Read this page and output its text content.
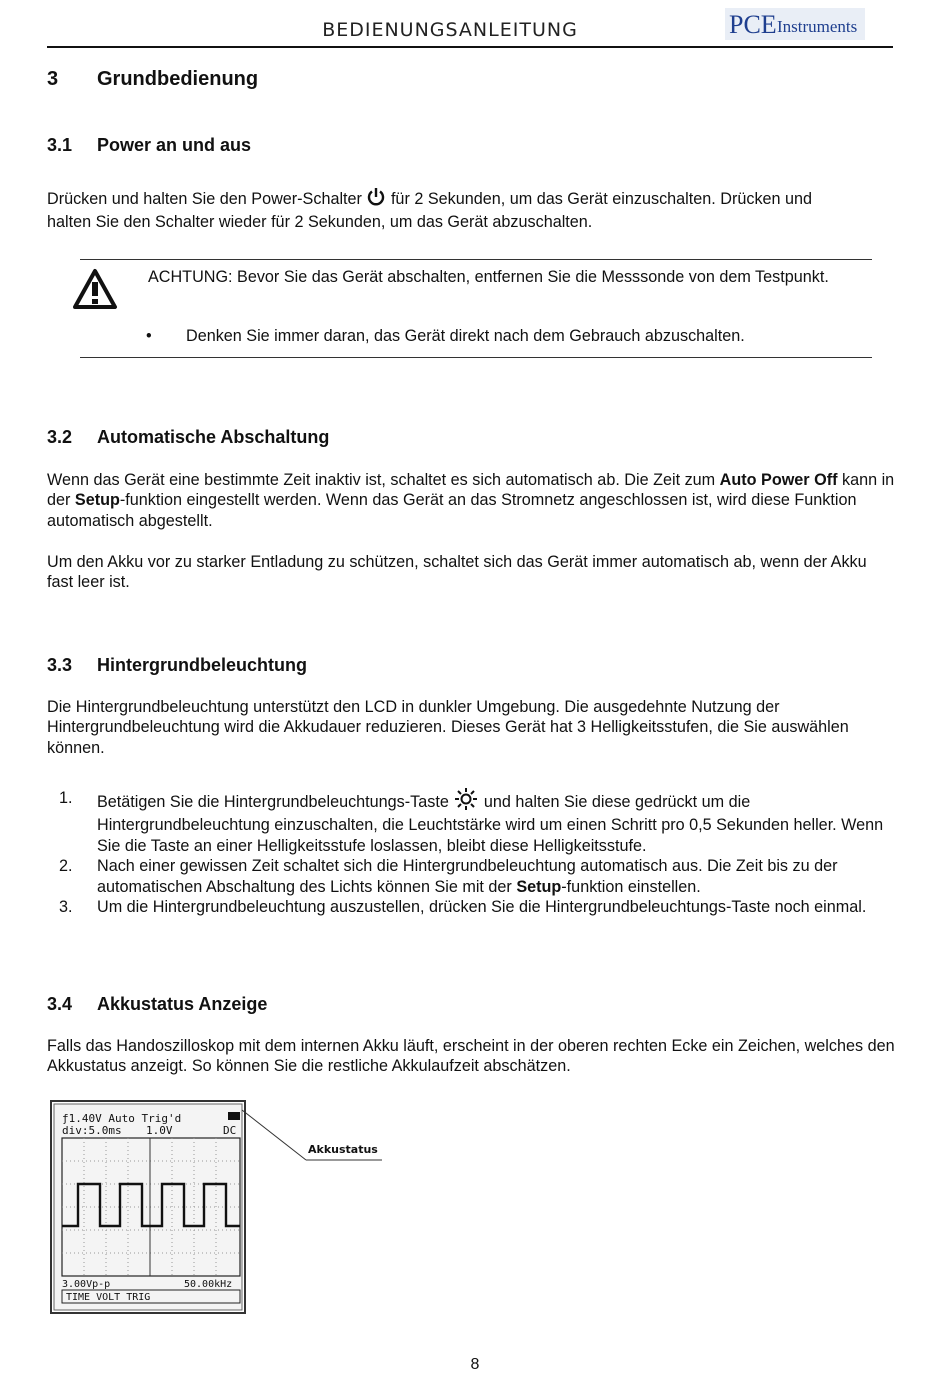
BEDIENUNGSANLEITUNG	PCE Instruments
3 Grundbedienung
3.1 Power an und aus
Drücken und halten Sie den Power-Schalter für 2 Sekunden, um das Gerät einzuschalten. Drücken und
halten Sie den Schalter wieder für 2 Sekunden, um das Gerät abzuschalten.
ACHTUNG: Bevor Sie das Gerät abschalten, entfernen Sie die Messsonde von dem Testpunkt.
• Denken Sie immer daran, das Gerät direkt nach dem Gebrauch abzuschalten.
3.2 Automatische Abschaltung
Wenn das Gerät eine bestimmte Zeit inaktiv ist, schaltet es sich automatisch ab. Die Zeit zum Auto Power Off kann in der Setup-funktion eingestellt werden. Wenn das Gerät an das Stromnetz angeschlossen ist, wird diese Funktion automatisch abgestellt.
Um den Akku vor zu starker Entladung zu schützen, schaltet sich das Gerät immer automatisch ab, wenn der Akku fast leer ist.
3.3 Hintergrundbeleuchtung
Die Hintergrundbeleuchtung unterstützt den LCD in dunkler Umgebung. Die ausgedehnte Nutzung der Hintergrundbeleuchtung wird die Akkudauer reduzieren. Dieses Gerät hat 3 Helligkeitsstufen, die Sie auswählen können.
1. Betätigen Sie die Hintergrundbeleuchtungs-Taste  und halten Sie diese gedrückt um die Hintergrundbeleuchtung einzuschalten, die Leuchtstärke wird um einen Schritt pro 0,5 Sekunden heller. Wenn Sie die Taste an einer Helligkeitsstufe loslassen, bleibt diese Helligkeitsstufe.
2. Nach einer gewissen Zeit schaltet sich die Hintergrundbeleuchtung automatisch aus. Die Zeit bis zu der automatischen Abschaltung des Lichts können Sie mit der Setup-funktion einstellen.
3. Um die Hintergrundbeleuchtung auszustellen, drücken Sie die Hintergrundbeleuchtungs-Taste noch einmal.
3.4 Akkustatus Anzeige
Falls das Handoszilloskop mit dem internen Akku läuft, erscheint in der oberen rechten Ecke ein Zeichen, welches den Akkustatus anzeigt. So können Sie die restliche Akkulaufzeit abschätzen.
ƒ1.40V Auto Trig'd
div:5.0ms 1.0V	DC
3.00Vp-p	50.00kHz
TIME VOLT TRIG
Akkustatus
8
